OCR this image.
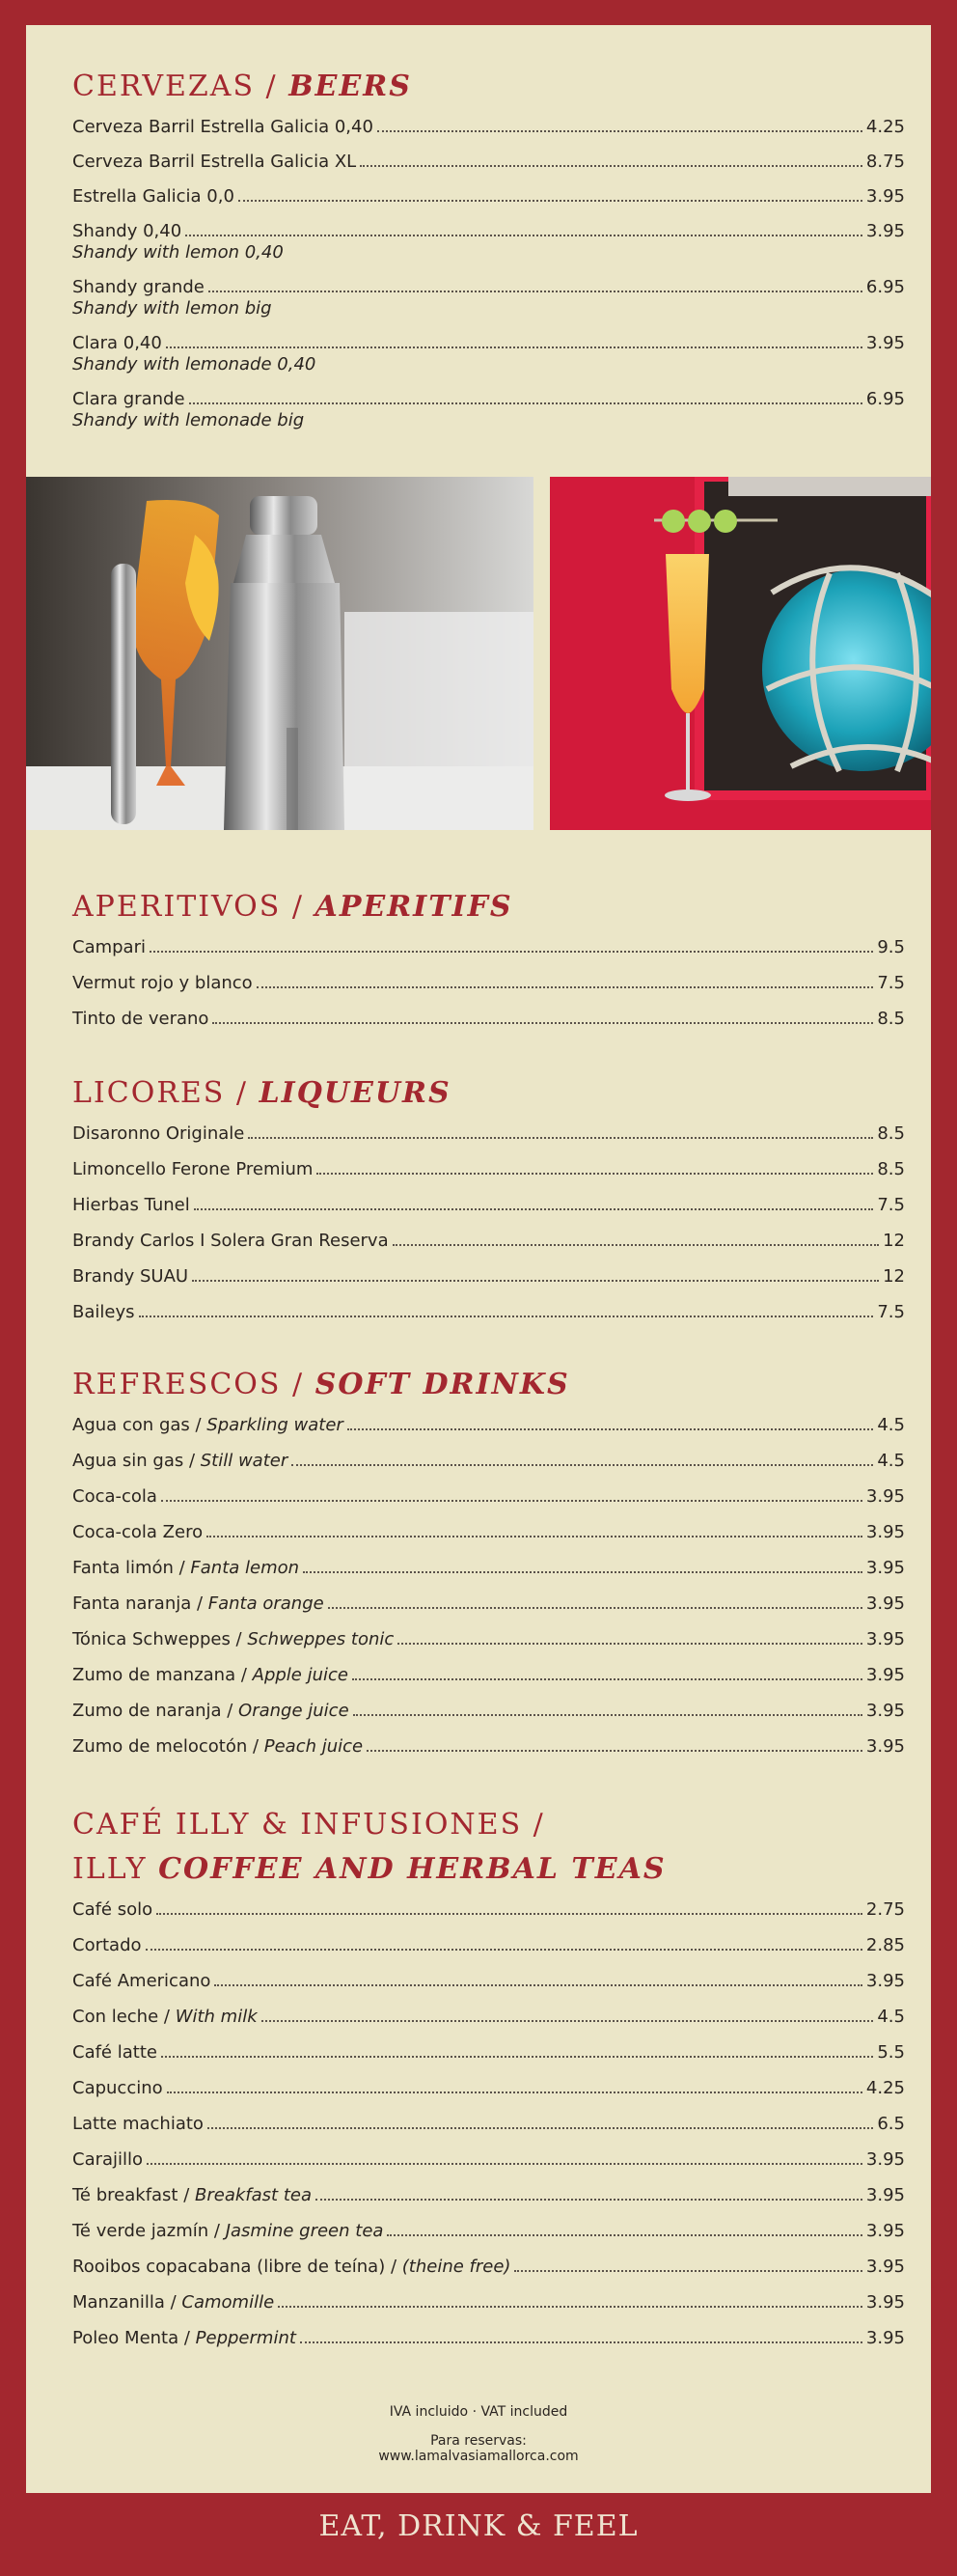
CERVEZAS / BEERS
Cerveza Barril Estrella Galicia 0,40	4.25
Cerveza Barril Estrella Galicia XL	8.75
Estrella Galicia 0,0	3.95
Shandy 0,40	3.95
Shandy with lemon 0,40
Shandy grande	6.95
Shandy with lemon big
Clara 0,40	3.95
Shandy with lemonade 0,40
Clara grande	6.95
Shandy with lemonade big
APERITIVOS / APERITIFS
Campari	9.5
Vermut rojo y blanco	7.5
Tinto de verano	8.5
LICORES / LIQUEURS
Disaronno Originale	8.5
Limoncello Ferone Premium	8.5
Hierbas Tunel	7.5
Brandy Carlos I Solera Gran Reserva	12
Brandy SUAU	12
Baileys	7.5
REFRESCOS / SOFT DRINKS
Agua con gas / Sparkling water	4.5
Agua sin gas / Still water	4.5
Coca-cola	3.95
Coca-cola Zero	3.95
Fanta limón / Fanta lemon	3.95
Fanta naranja / Fanta orange	3.95
Tónica Schweppes / Schweppes tonic	3.95
Zumo de manzana / Apple juice	3.95
Zumo de naranja / Orange juice	3.95
Zumo de melocotón / Peach juice	3.95
CAFÉ ILLY & INFUSIONES /
ILLY COFFEE AND HERBAL TEAS
Café solo	2.75
Cortado	2.85
Café Americano	3.95
Con leche / With milk	4.5
Café latte	5.5
Capuccino	4.25
Latte machiato	6.5
Carajillo	3.95
Té breakfast / Breakfast tea	3.95
Té verde jazmín / Jasmine green tea	3.95
Rooibos copacabana (libre de teína) / (theine free)	3.95
Manzanilla / Camomille	3.95
Poleo Menta / Peppermint	3.95
IVA incluido · VAT included
Para reservas:
www.lamalvasiamallorca.com
EAT, DRINK & FEEL
